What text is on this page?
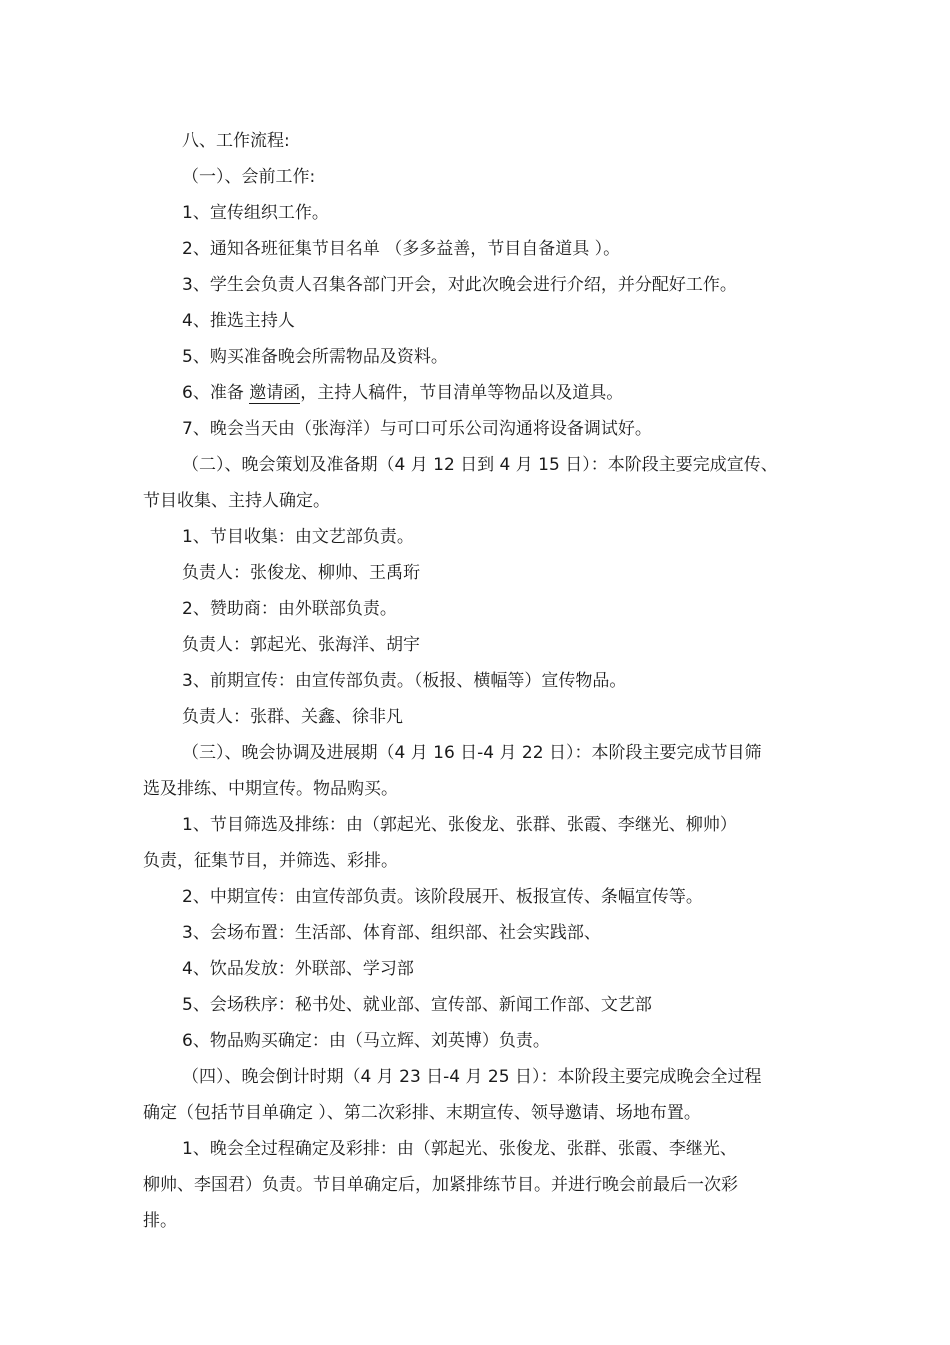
八、工作流程:
（一）、会前工作:
1、宣传组织工作。
2、通知各班征集节目名单 （多多益善，节目自备道具 ）。
3、学生会负责人召集各部门开会，对此次晚会进行介绍，并分配好工作。
4、推选主持人
5、购买准备晚会所需物品及资料。
6、准备 邀请函，主持人稿件，节目清单等物品以及道具。
7、晚会当天由（张海洋）与可口可乐公司沟通将设备调试好。
（二）、晚会策划及准备期（4 月 12 日到 4 月 15 日）：本阶段主要完成宣传、
节目收集、主持人确定。
1、节目收集：由文艺部负责。
负责人：张俊龙、柳帅、王禹珩
2、赞助商：由外联部负责。
负责人：郭起光、张海洋、胡宇
3、前期宣传：由宣传部负责。（板报、横幅等）宣传物品。
负责人：张群、关鑫、徐非凡
（三）、晚会协调及进展期（4 月 16 日-4 月 22 日）：本阶段主要完成节目筛
选及排练、中期宣传。物品购买。
1、节目筛选及排练：由（郭起光、张俊龙、张群、张霞、李继光、柳帅）
负责，征集节目，并筛选、彩排。
2、中期宣传：由宣传部负责。该阶段展开、板报宣传、条幅宣传等。
3、会场布置：生活部、体育部、组织部、社会实践部、
4、饮品发放：外联部、学习部
5、会场秩序：秘书处、就业部、宣传部、新闻工作部、文艺部
6、物品购买确定：由（马立辉、刘英博）负责。
（四）、晚会倒计时期（4 月 23 日-4 月 25 日）：本阶段主要完成晚会全过程
确定（包括节目单确定 ）、第二次彩排、末期宣传、领导邀请、场地布置。
1、晚会全过程确定及彩排：由（郭起光、张俊龙、张群、张霞、李继光、
柳帅、李国君）负责。节目单确定后，加紧排练节目。并进行晚会前最后一次彩
排。
